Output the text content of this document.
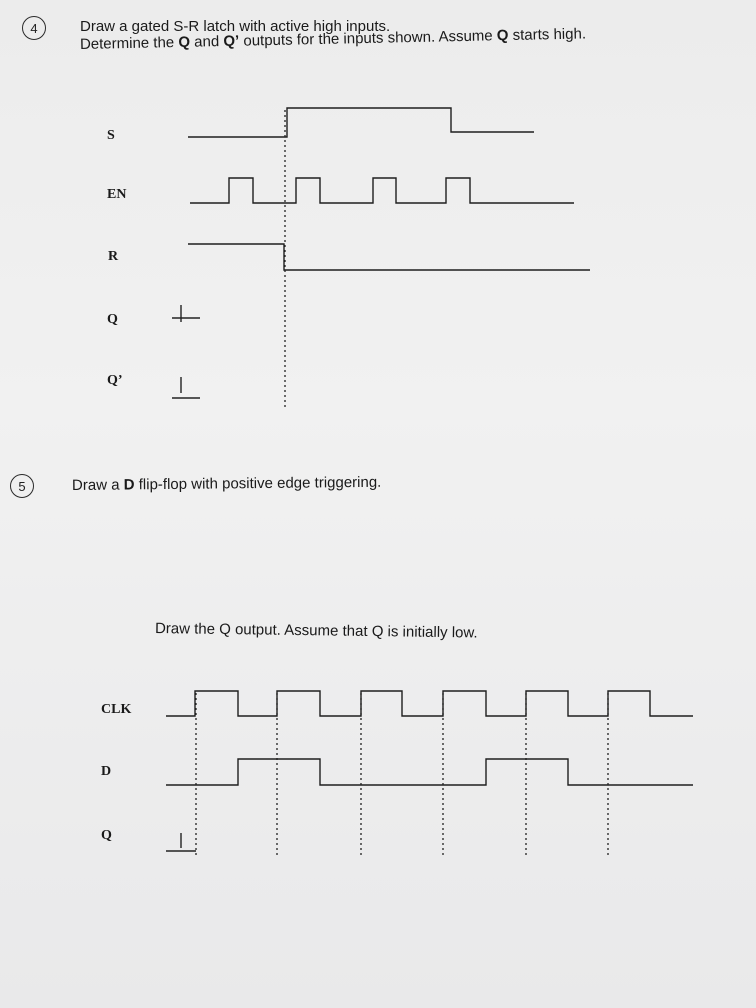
4	Draw a gated S-R latch with active high inputs.

Determine the Q and Q’ outputs for the inputs shown. Assume Q starts high.

S
EN
R
Q
Q’
5	Draw a D flip-flop with positive edge triggering.

Draw the Q output. Assume that Q is initially low.

CLK
D
Q
